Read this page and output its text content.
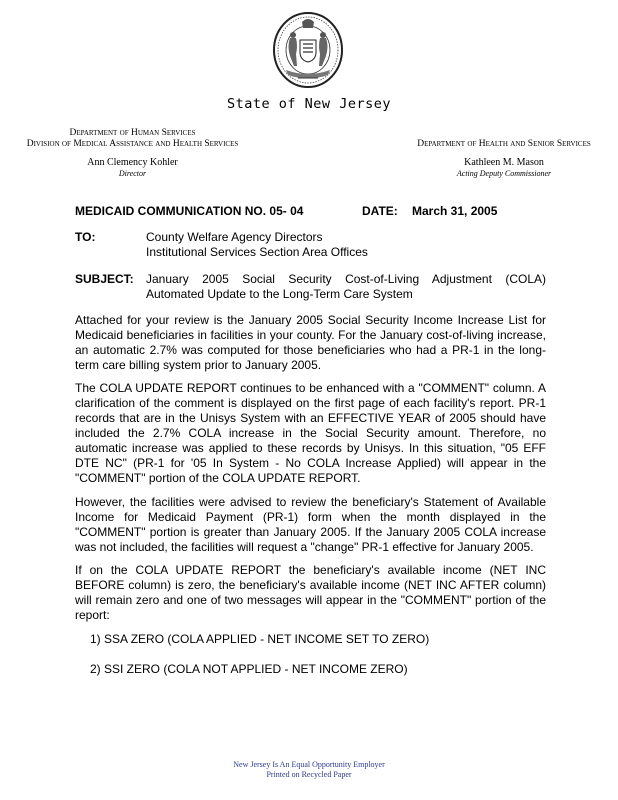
State of New Jersey
Department of Human Services
Division of Medical Assistance and Health Services
Ann Clemency Kohler
Director
Department of Health and Senior Services
Kathleen M. Mason
Acting Deputy Commissioner
MEDICAID COMMUNICATION NO. 05- 04	DATE: March 31, 2005
TO:	County Welfare Agency Directors
Institutional Services Section Area Offices
SUBJECT: January 2005 Social Security Cost-of-Living Adjustment (COLA)
Automated Update to the Long-Term Care System
Attached for your review is the January 2005 Social Security Income Increase List for Medicaid beneficiaries in facilities in your county. For the January cost-of-living increase, an automatic 2.7% was computed for those beneficiaries who had a PR-1 in the long-term care billing system prior to January 2005.
The COLA UPDATE REPORT continues to be enhanced with a "COMMENT" column. A clarification of the comment is displayed on the first page of each facility's report. PR-1 records that are in the Unisys System with an EFFECTIVE YEAR of 2005 should have included the 2.7% COLA increase in the Social Security amount. Therefore, no automatic increase was applied to these records by Unisys. In this situation, "05 EFF DTE NC" (PR-1 for '05 In System - No COLA Increase Applied) will appear in the "COMMENT" portion of the COLA UPDATE REPORT.
However, the facilities were advised to review the beneficiary's Statement of Available Income for Medicaid Payment (PR-1) form when the month displayed in the "COMMENT" portion is greater than January 2005. If the January 2005 COLA increase was not included, the facilities will request a "change" PR-1 effective for January 2005.
If on the COLA UPDATE REPORT the beneficiary's available income (NET INC BEFORE column) is zero, the beneficiary's available income (NET INC AFTER column) will remain zero and one of two messages will appear in the "COMMENT" portion of the report:
1) SSA ZERO (COLA APPLIED - NET INCOME SET TO ZERO)
2) SSI ZERO (COLA NOT APPLIED - NET INCOME ZERO)
New Jersey Is An Equal Opportunity Employer
Printed on Recycled Paper
